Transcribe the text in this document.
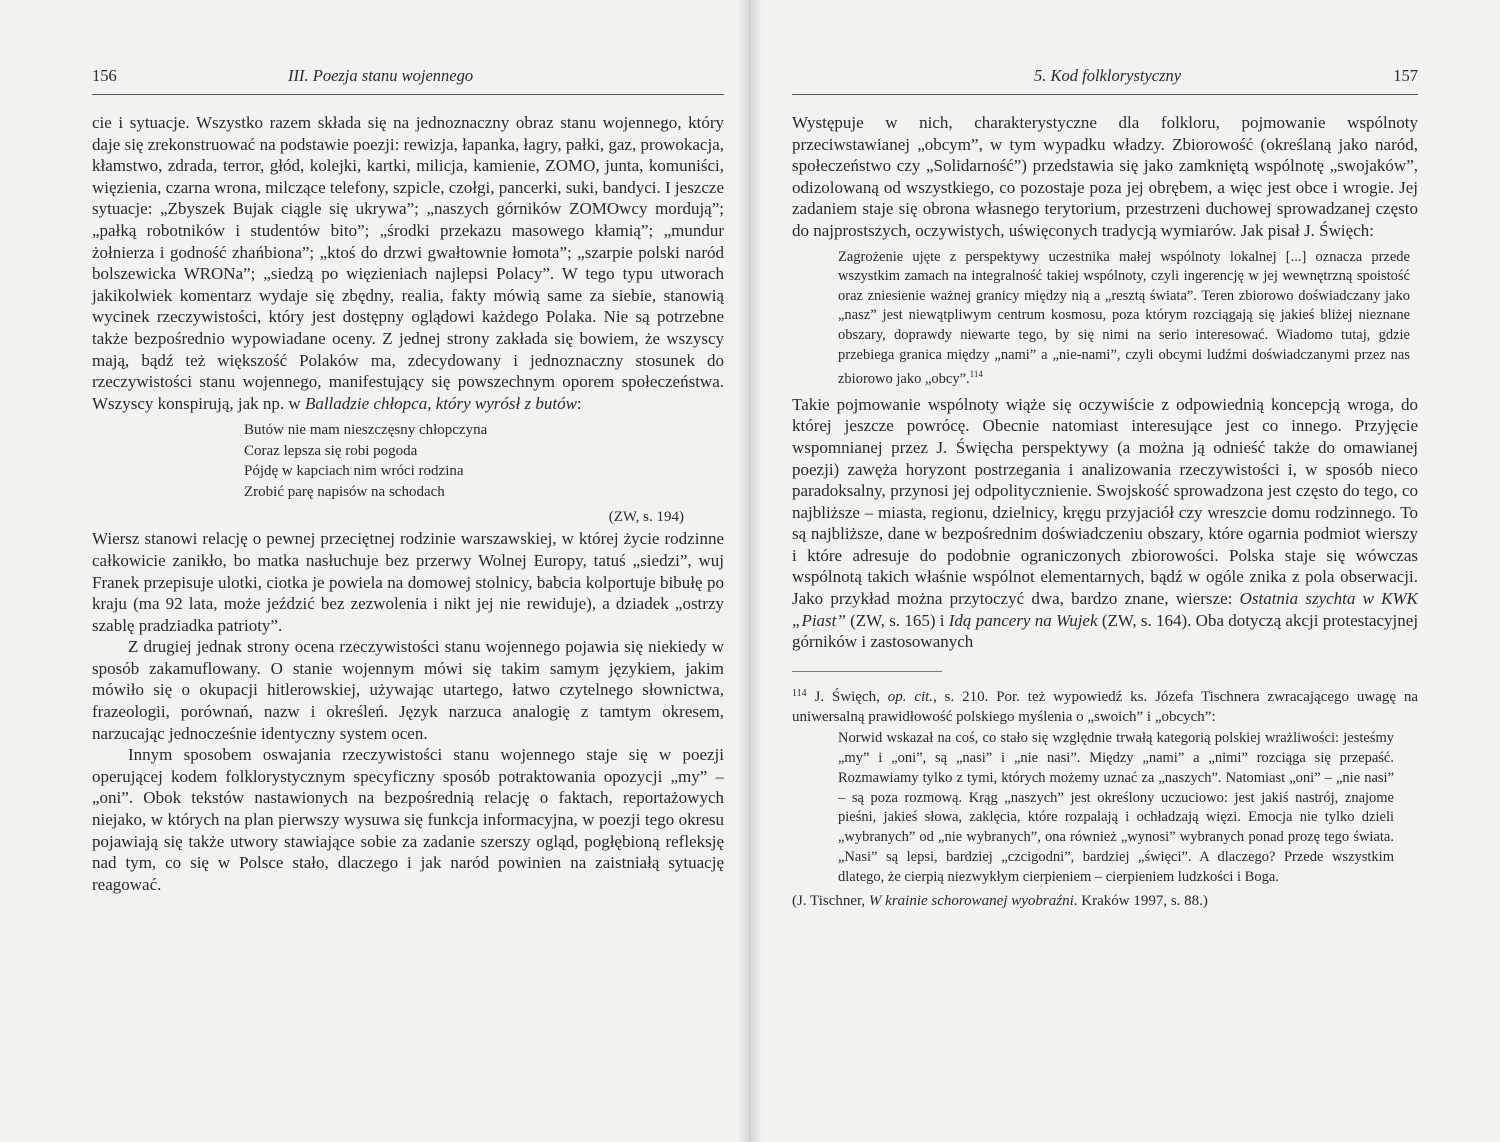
156	III. Poezja stanu wojennego

cie i sytuacje. Wszystko razem składa się na jednoznaczny obraz stanu wojennego, który daje się zrekonstruować na podstawie poezji: rewizja, łapanka, łagry, pałki, gaz, prowokacja, kłamstwo, zdrada, terror, głód, kolejki, kartki, milicja, kamienie, ZOMO, junta, komuniści, więzienia, czarna wrona, milczące telefony, szpicle, czołgi, pancerki, suki, bandyci. I jeszcze sytuacje: „Zbyszek Bujak ciągle się ukrywa”; „naszych górników ZOMOwcy mordują”; „pałką robotników i studentów bito”; „środki przekazu masowego kłamią”; „mundur żołnierza i godność zhańbiona”; „ktoś do drzwi gwałtownie łomota”; „szarpie polski naród bolszewicka WRONa”; „siedzą po więzieniach najlepsi Polacy”. W tego typu utworach jakikolwiek komentarz wydaje się zbędny, realia, fakty mówią same za siebie, stanowią wycinek rzeczywistości, który jest dostępny oglądowi każdego Polaka. Nie są potrzebne także bezpośrednio wypowiadane oceny. Z jednej strony zakłada się bowiem, że wszyscy mają, bądź też większość Polaków ma, zdecydowany i jednoznaczny stosunek do rzeczywistości stanu wojennego, manifestujący się powszechnym oporem społeczeństwa. Wszyscy konspirują, jak np. w Balladzie chłopca, który wyrósł z butów:

Butów nie mam nieszczęsny chłopczyna
Coraz lepsza się robi pogoda
Pójdę w kapciach nim wróci rodzina
Zrobić parę napisów na schodach
(ZW, s. 194)

Wiersz stanowi relację o pewnej przeciętnej rodzinie warszawskiej, w której życie rodzinne całkowicie zanikło, bo matka nasłuchuje bez przerwy Wolnej Europy, tatuś „siedzi”, wuj Franek przepisuje ulotki, ciotka je powiela na domowej stolnicy, babcia kolportuje bibułę po kraju (ma 92 lata, może jeździć bez zezwolenia i nikt jej nie rewiduje), a dziadek „ostrzy szablę pradziadka patrioty”.

Z drugiej jednak strony ocena rzeczywistości stanu wojennego pojawia się niekiedy w sposób zakamuflowany. O stanie wojennym mówi się takim samym językiem, jakim mówiło się o okupacji hitlerowskiej, używając utartego, łatwo czytelnego słownictwa, frazeologii, porównań, nazw i określeń. Język narzuca analogię z tamtym okresem, narzucając jednocześnie identyczny system ocen.

Innym sposobem oswajania rzeczywistości stanu wojennego staje się w poezji operującej kodem folklorystycznym specyficzny sposób potraktowania opozycji „my” – „oni”. Obok tekstów nastawionych na bezpośrednią relację o faktach, reportażowych niejako, w których na plan pierwszy wysuwa się funkcja informacyjna, w poezji tego okresu pojawiają się także utwory stawiające sobie za zadanie szerszy ogląd, pogłębioną refleksję nad tym, co się w Polsce stało, dlaczego i jak naród powinien na zaistniałą sytuację reagować.

5. Kod folklorystyczny	157

Występuje w nich, charakterystyczne dla folkloru, pojmowanie wspólnoty przeciwstawianej „obcym”, w tym wypadku władzy. Zbiorowość (określaną jako naród, społeczeństwo czy „Solidarność”) przedstawia się jako zamkniętą wspólnotę „swojaków”, odizolowaną od wszystkiego, co pozostaje poza jej obrębem, a więc jest obce i wrogie. Jej zadaniem staje się obrona własnego terytorium, przestrzeni duchowej sprowadzanej często do najprostszych, oczywistych, uświęconych tradycją wymiarów. Jak pisał J. Święch:

Zagrożenie ujęte z perspektywy uczestnika małej wspólnoty lokalnej [...] oznacza przede wszystkim zamach na integralność takiej wspólnoty, czyli ingerencję w jej wewnętrzną spoistość oraz zniesienie ważnej granicy między nią a „resztą świata”. Teren zbiorowo doświadczany jako „nasz” jest niewątpliwym centrum kosmosu, poza którym rozciągają się jakieś bliżej nieznane obszary, doprawdy niewarte tego, by się nimi na serio interesować. Wiadomo tutaj, gdzie przebiega granica między „nami” a „nie-nami”, czyli obcymi ludźmi doświadczanymi przez nas zbiorowo jako „obcy”.$^{114}$

Takie pojmowanie wspólnoty wiąże się oczywiście z odpowiednią koncepcją wroga, do której jeszcze powrócę. Obecnie natomiast interesujące jest co innego. Przyjęcie wspomnianej przez J. Święcha perspektywy (a można ją odnieść także do omawianej poezji) zawęża horyzont postrzegania i analizowania rzeczywistości i, w sposób nieco paradoksalny, przynosi jej odpolitycznienie. Swojskość sprowadzona jest często do tego, co najbliższe – miasta, regionu, dzielnicy, kręgu przyjaciół czy wreszcie domu rodzinnego. To są najbliższe, dane w bezpośrednim doświadczeniu obszary, które ogarnia podmiot wierszy i które adresuje do podobnie ograniczonych zbiorowości. Polska staje się wówczas wspólnotą takich właśnie wspólnot elementarnych, bądź w ogóle znika z pola obserwacji. Jako przykład można przytoczyć dwa, bardzo znane, wiersze: Ostatnia szychta w KWK „Piast” (ZW, s. 165) i Idą pancery na Wujek (ZW, s. 164). Oba dotyczą akcji protestacyjnej górników i zastosowanych

$^{114}$ J. Święch, op. cit., s. 210. Por. też wypowiedź ks. Józefa Tischnera zwracającego uwagę na uniwersalną prawidłowość polskiego myślenia o „swoich” i „obcych”:

Norwid wskazał na coś, co stało się względnie trwałą kategorią polskiej wrażliwości: jesteśmy „my” i „oni”, są „nasi” i „nie nasi”. Między „nami” a „nimi” rozciąga się przepaść. Rozmawiamy tylko z tymi, których możemy uznać za „naszych”. Natomiast „oni” – „nie nasi” – są poza rozmową. Krąg „naszych” jest określony uczuciowo: jest jakiś nastrój, znajome pieśni, jakieś słowa, zaklęcia, które rozpalają i ochładzają więzi. Emocja nie tylko dzieli „wybranych” od „nie wybranych”, ona również „wynosi” wybranych ponad prozę tego świata. „Nasi” są lepsi, bardziej „czcigodni”, bardziej „święci”. A dlaczego? Przede wszystkim dlatego, że cierpią niezwykłym cierpieniem – cierpieniem ludzkości i Boga.

(J. Tischner, W krainie schorowanej wyobraźni. Kraków 1997, s. 88.)
